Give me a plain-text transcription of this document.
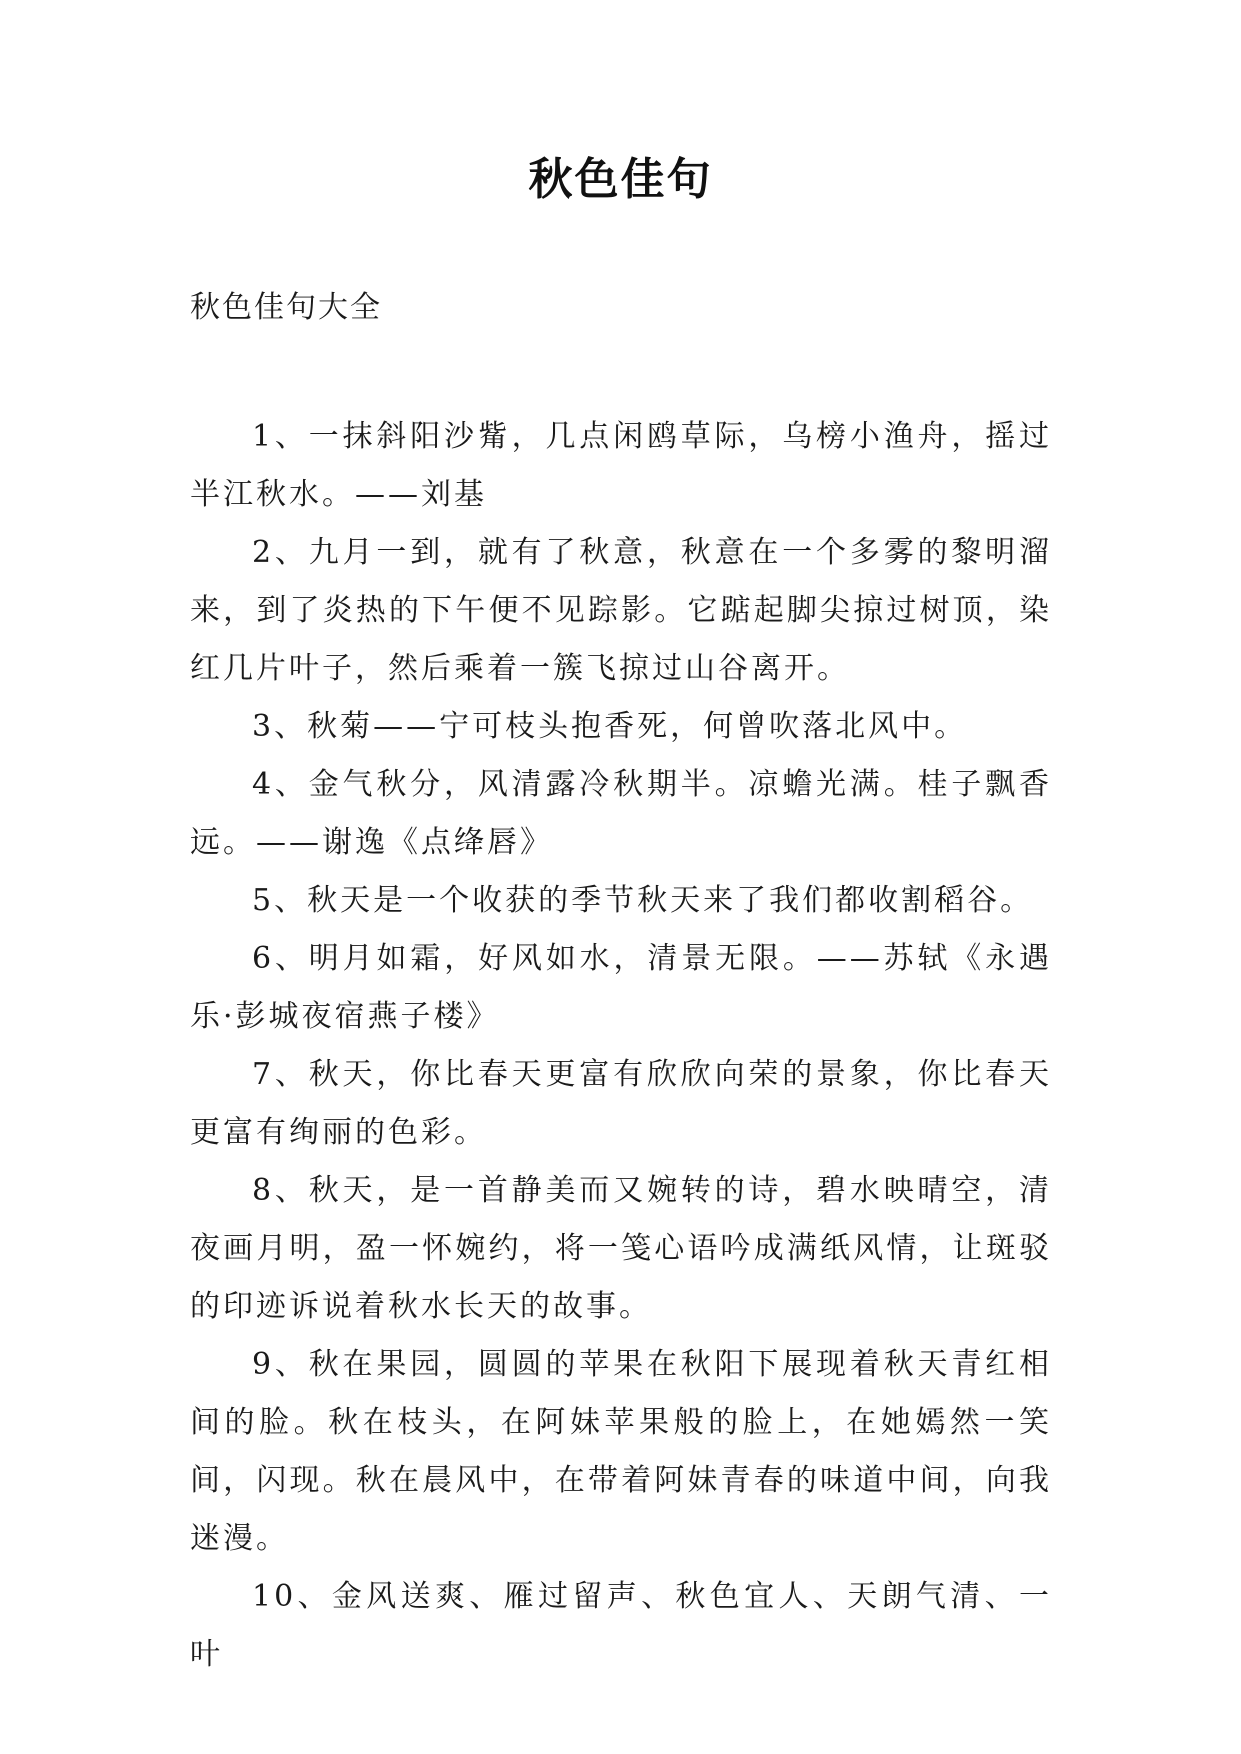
秋色佳句
秋色佳句大全

1、一抹斜阳沙觜，几点闲鸥草际，乌榜小渔舟，摇过半江秋水。——刘基

2、九月一到，就有了秋意，秋意在一个多雾的黎明溜来，到了炎热的下午便不见踪影。它踮起脚尖掠过树顶，染红几片叶子，然后乘着一簇飞掠过山谷离开。

3、秋菊——宁可枝头抱香死，何曾吹落北风中。

4、金气秋分，风清露冷秋期半。凉蟾光满。桂子飘香远。——谢逸《点绛唇》

5、秋天是一个收获的季节秋天来了我们都收割稻谷。

6、明月如霜，好风如水，清景无限。——苏轼《永遇乐·彭城夜宿燕子楼》

7、秋天，你比春天更富有欣欣向荣的景象，你比春天更富有绚丽的色彩。

8、秋天，是一首静美而又婉转的诗，碧水映晴空，清夜画月明，盈一怀婉约，将一笺心语吟成满纸风情，让斑驳的印迹诉说着秋水长天的故事。

9、秋在果园，圆圆的苹果在秋阳下展现着秋天青红相间的脸。秋在枝头，在阿妹苹果般的脸上，在她嫣然一笑间，闪现。秋在晨风中，在带着阿妹青春的味道中间，向我迷漫。

10、金风送爽、雁过留声、秋色宜人、天朗气清、一叶
